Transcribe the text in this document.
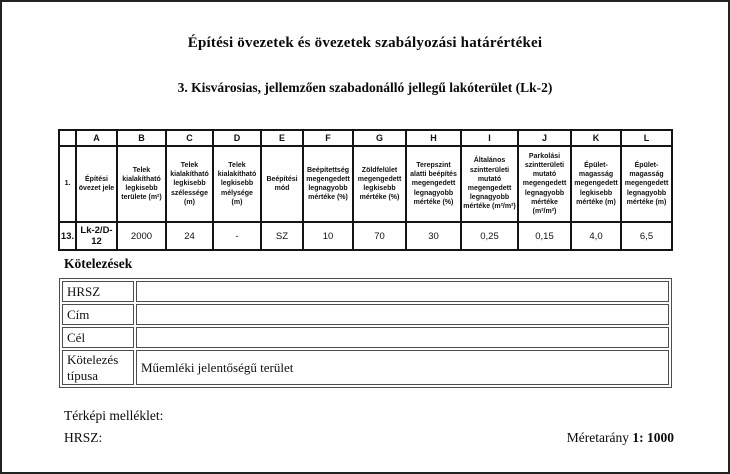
Építési övezetek és övezetek szabályozási határértékei
3. Kisvárosias, jellemzően szabadonálló jellegű lakóterület (Lk-2)
	A	B	C	D	E	F	G	H	I	J	K	L
1.	Építési övezet jele	Telek kialakítható legkisebb területe (m²)	Telek kialakítható legkisebb szélessége (m)	Telek kialakítható legkisebb mélysége (m)	Beépítési mód	Beépítettség megengedett legnagyobb mértéke (%)	Zöldfelület megengedett legkisebb mértéke (%)	Terepszint alatti beépítés megengedett legnagyobb mértéke (%)	Általános szintterületi mutató megengedett legnagyobb mértéke (m²/m²)	Parkolási szintterületi mutató megengedett legnagyobb mértéke (m²/m²)	Épület-magasság megengedett legkisebb mértéke (m)	Épület-magasság megengedett legnagyobb mértéke (m)
13.	Lk-2/D-12	2000	24	-	SZ	10	70	30	0,25	0,15	4,0	6,5
Kötelezések
HRSZ	
Cím	
Cél	
Kötelezés típusa	Műemléki jelentőségű terület
Térképi melléklet:
HRSZ:	Méretarány 1: 1000
